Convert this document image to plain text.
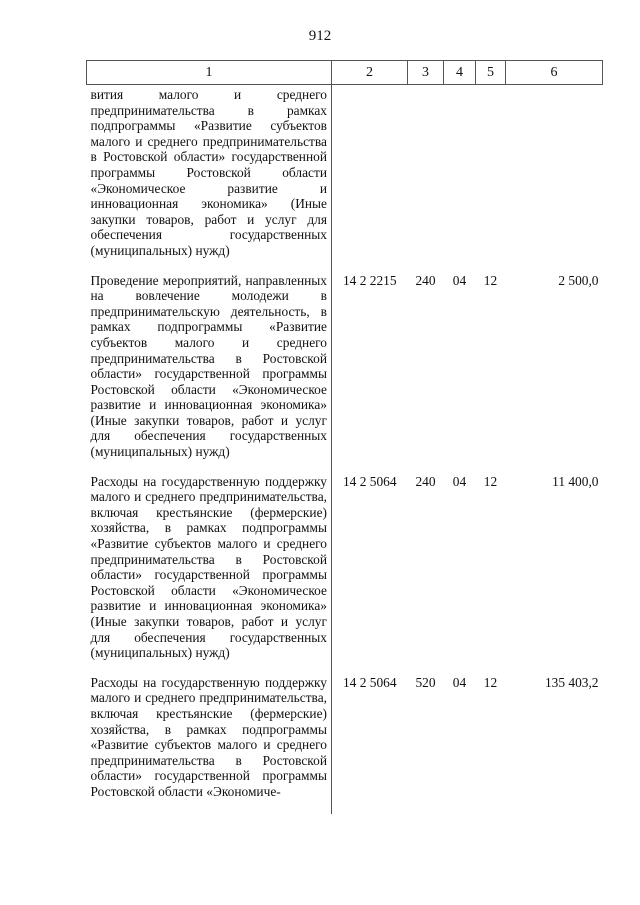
912
1	2	3	4	5	6
вития малого и среднего предпринимательства в рамках подпрограммы «Развитие субъектов малого и среднего предпринимательства в Ростовской области» государственной программы Ростовской области «Экономическое развитие и инновационная экономика» (Иные закупки товаров, работ и услуг для обеспечения государственных (муниципальных) нужд)					
Проведение мероприятий, направленных на вовлечение молодежи в предпринимательскую деятельность, в рамках подпрограммы «Развитие субъектов малого и среднего предпринимательства в Ростовской области» государственной программы Ростовской области «Экономическое развитие и инновационная экономика» (Иные закупки товаров, работ и услуг для обеспечения государственных (муниципальных) нужд)	14 2 2215	240	04	12	2 500,0
Расходы на государственную поддержку малого и среднего предпринимательства, включая крестьянские (фермерские) хозяйства, в рамках подпрограммы «Развитие субъектов малого и среднего предпринимательства в Ростовской области» государственной программы Ростовской области «Экономическое развитие и инновационная экономика» (Иные закупки товаров, работ и услуг для обеспечения государственных (муниципальных) нужд)	14 2 5064	240	04	12	11 400,0
Расходы на государственную поддержку малого и среднего предпринимательства, включая крестьянские (фермерские) хозяйства, в рамках подпрограммы «Развитие субъектов малого и среднего предпринимательства в Ростовской области» государственной программы Ростовской области «Экономиче-	14 2 5064	520	04	12	135 403,2
